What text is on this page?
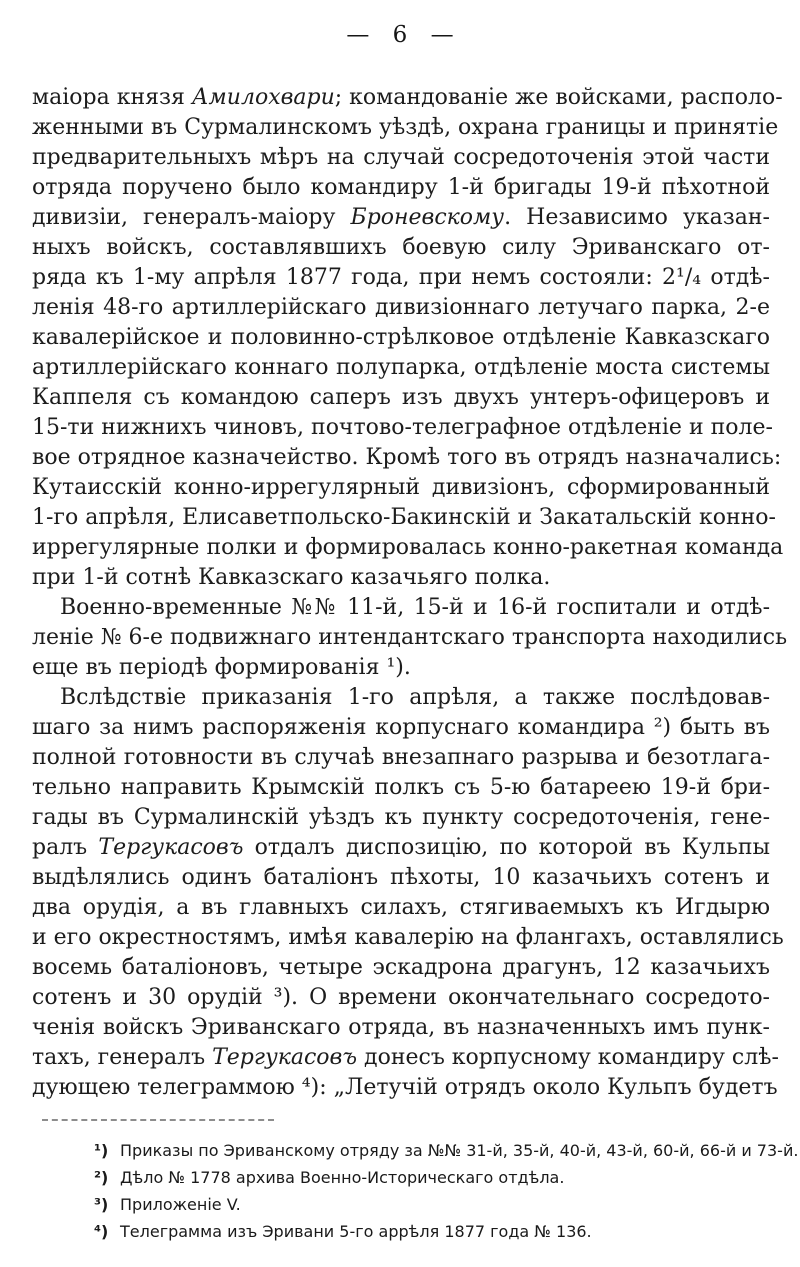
— 6 —
маіора князя Амилохвари; командованіе же войсками, располо-
женными въ Сурмалинскомъ уѣздѣ, охрана границы и принятіе
предварительныхъ мѣръ на случай сосредоточенія этой части
отряда поручено было командиру 1-й бригады 19-й пѣхотной
дивизіи, генералъ-маіору Броневскому. Независимо указан-
ныхъ войскъ, составлявшихъ боевую силу Эриванскаго от-
ряда къ 1-му апрѣля 1877 года, при немъ состояли: 2¹/₄ отдѣ-
ленія 48-го артиллерійскаго дивизіоннаго летучаго парка, 2-е
кавалерійское и половинно-стрѣлковое отдѣленіе Кавказскаго
артиллерійскаго коннаго полупарка, отдѣленіе моста системы
Каппеля съ командою саперъ изъ двухъ унтеръ-офицеровъ и
15-ти нижнихъ чиновъ, почтово-телеграфное отдѣленіе и поле-
вое отрядное казначейство. Кромѣ того въ отрядъ назначались:
Кутаисскій конно-иррегулярный дивизіонъ, сформированный
1-го апрѣля, Елисаветпольско-Бакинскій и Закатальскій конно-
иррегулярные полки и формировалась конно-ракетная команда
при 1-й сотнѣ Кавказскаго казачьяго полка.
Военно-временные №№ 11-й, 15-й и 16-й госпитали и отдѣ-
леніе № 6-е подвижнаго интендантскаго транспорта находились
еще въ періодѣ формированія ¹).
Вслѣдствіе приказанія 1-го апрѣля, а также послѣдовав-
шаго за нимъ распоряженія корпуснаго командира ²) быть въ
полной готовности въ случаѣ внезапнаго разрыва и безотлага-
тельно направить Крымскій полкъ съ 5-ю батареею 19-й бри-
гады въ Сурмалинскій уѣздъ къ пункту сосредоточенія, гене-
ралъ Тергукасовъ отдалъ диспозицію, по которой въ Кульпы
выдѣлялись одинъ баталіонъ пѣхоты, 10 казачьихъ сотенъ и
два орудія, а въ главныхъ силахъ, стягиваемыхъ къ Игдырю
и его окрестностямъ, имѣя кавалерію на флангахъ, оставлялись
восемь баталіоновъ, четыре эскадрона драгунъ, 12 казачьихъ
сотенъ и 30 орудій ³). О времени окончательнаго сосредото-
ченія войскъ Эриванскаго отряда, въ назначенныхъ имъ пунк-
тахъ, генералъ Тергукасовъ донесъ корпусному командиру слѣ-
дующею телеграммою ⁴): „Летучій отрядъ около Кульпъ будетъ
¹) Приказы по Эриванскому отряду за №№ 31-й, 35-й, 40-й, 43-й, 60-й, 66-й и 73-й.
²) Дѣло № 1778 архива Военно-Историческаго отдѣла.
³) Приложеніе V.
⁴) Телеграмма изъ Эривани 5-го аррѣля 1877 года № 136.
